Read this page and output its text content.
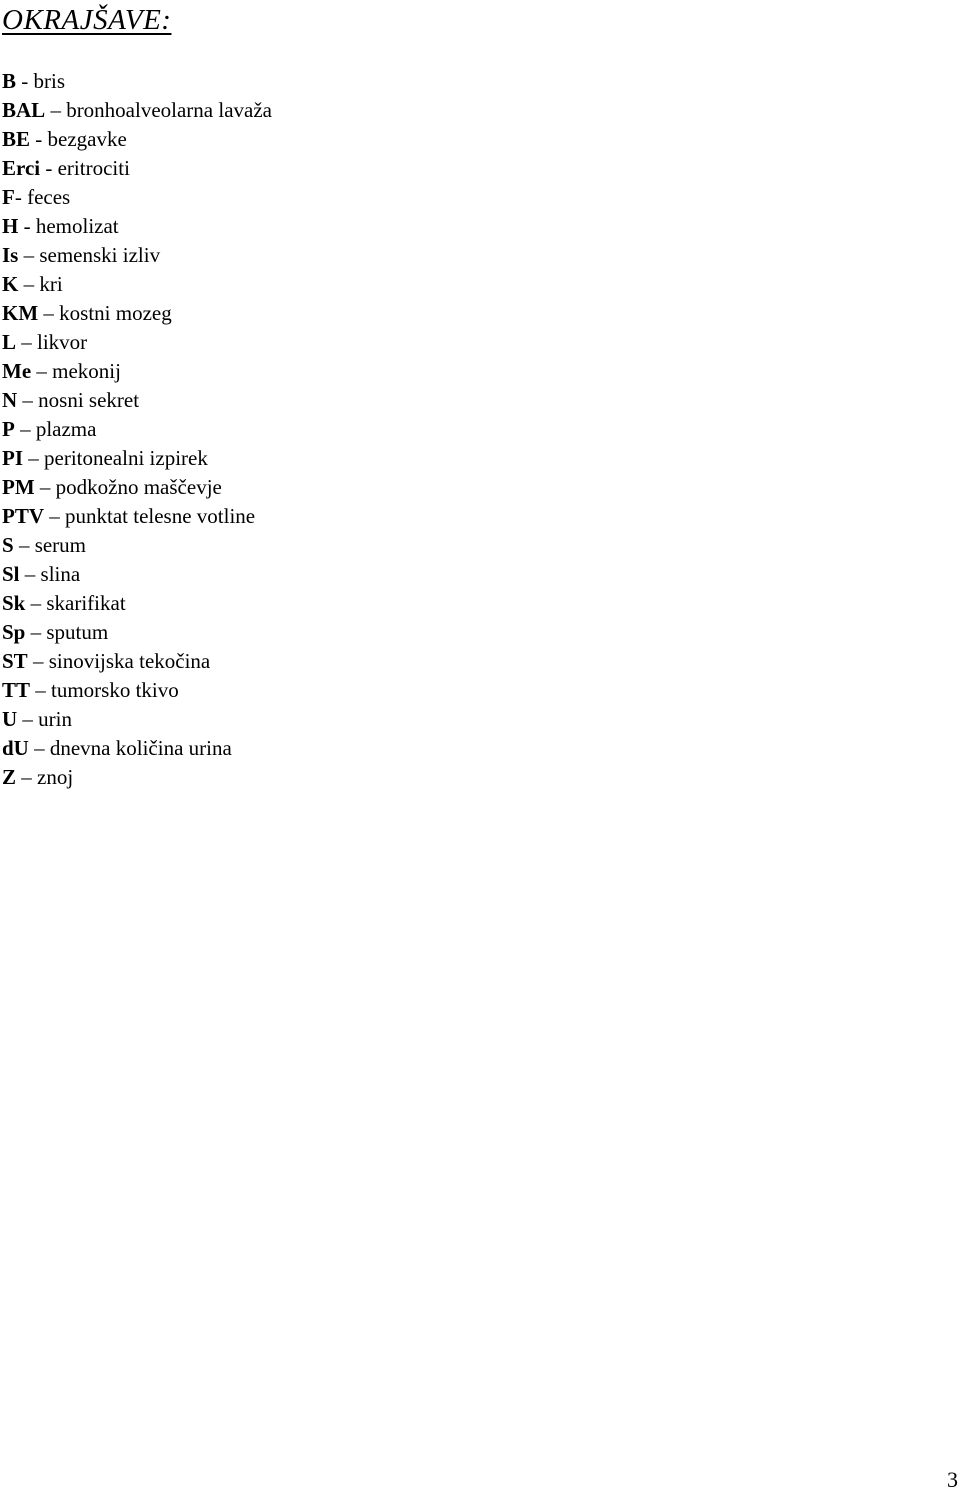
OKRAJŠAVE:
B - bris
BAL – bronhoalveolarna lavaža
BE - bezgavke
Erci - eritrociti
F- feces
H - hemolizat
Is – semenski izliv
K – kri
KM – kostni mozeg
L – likvor
Me – mekonij
N – nosni sekret
P – plazma
PI – peritonealni izpirek
PM – podkožno maščevje
PTV – punktat telesne votline
S – serum
Sl – slina
Sk – skarifikat
Sp – sputum
ST – sinovijska tekočina
TT – tumorsko tkivo
U – urin
dU – dnevna količina urina
Z – znoj
3
